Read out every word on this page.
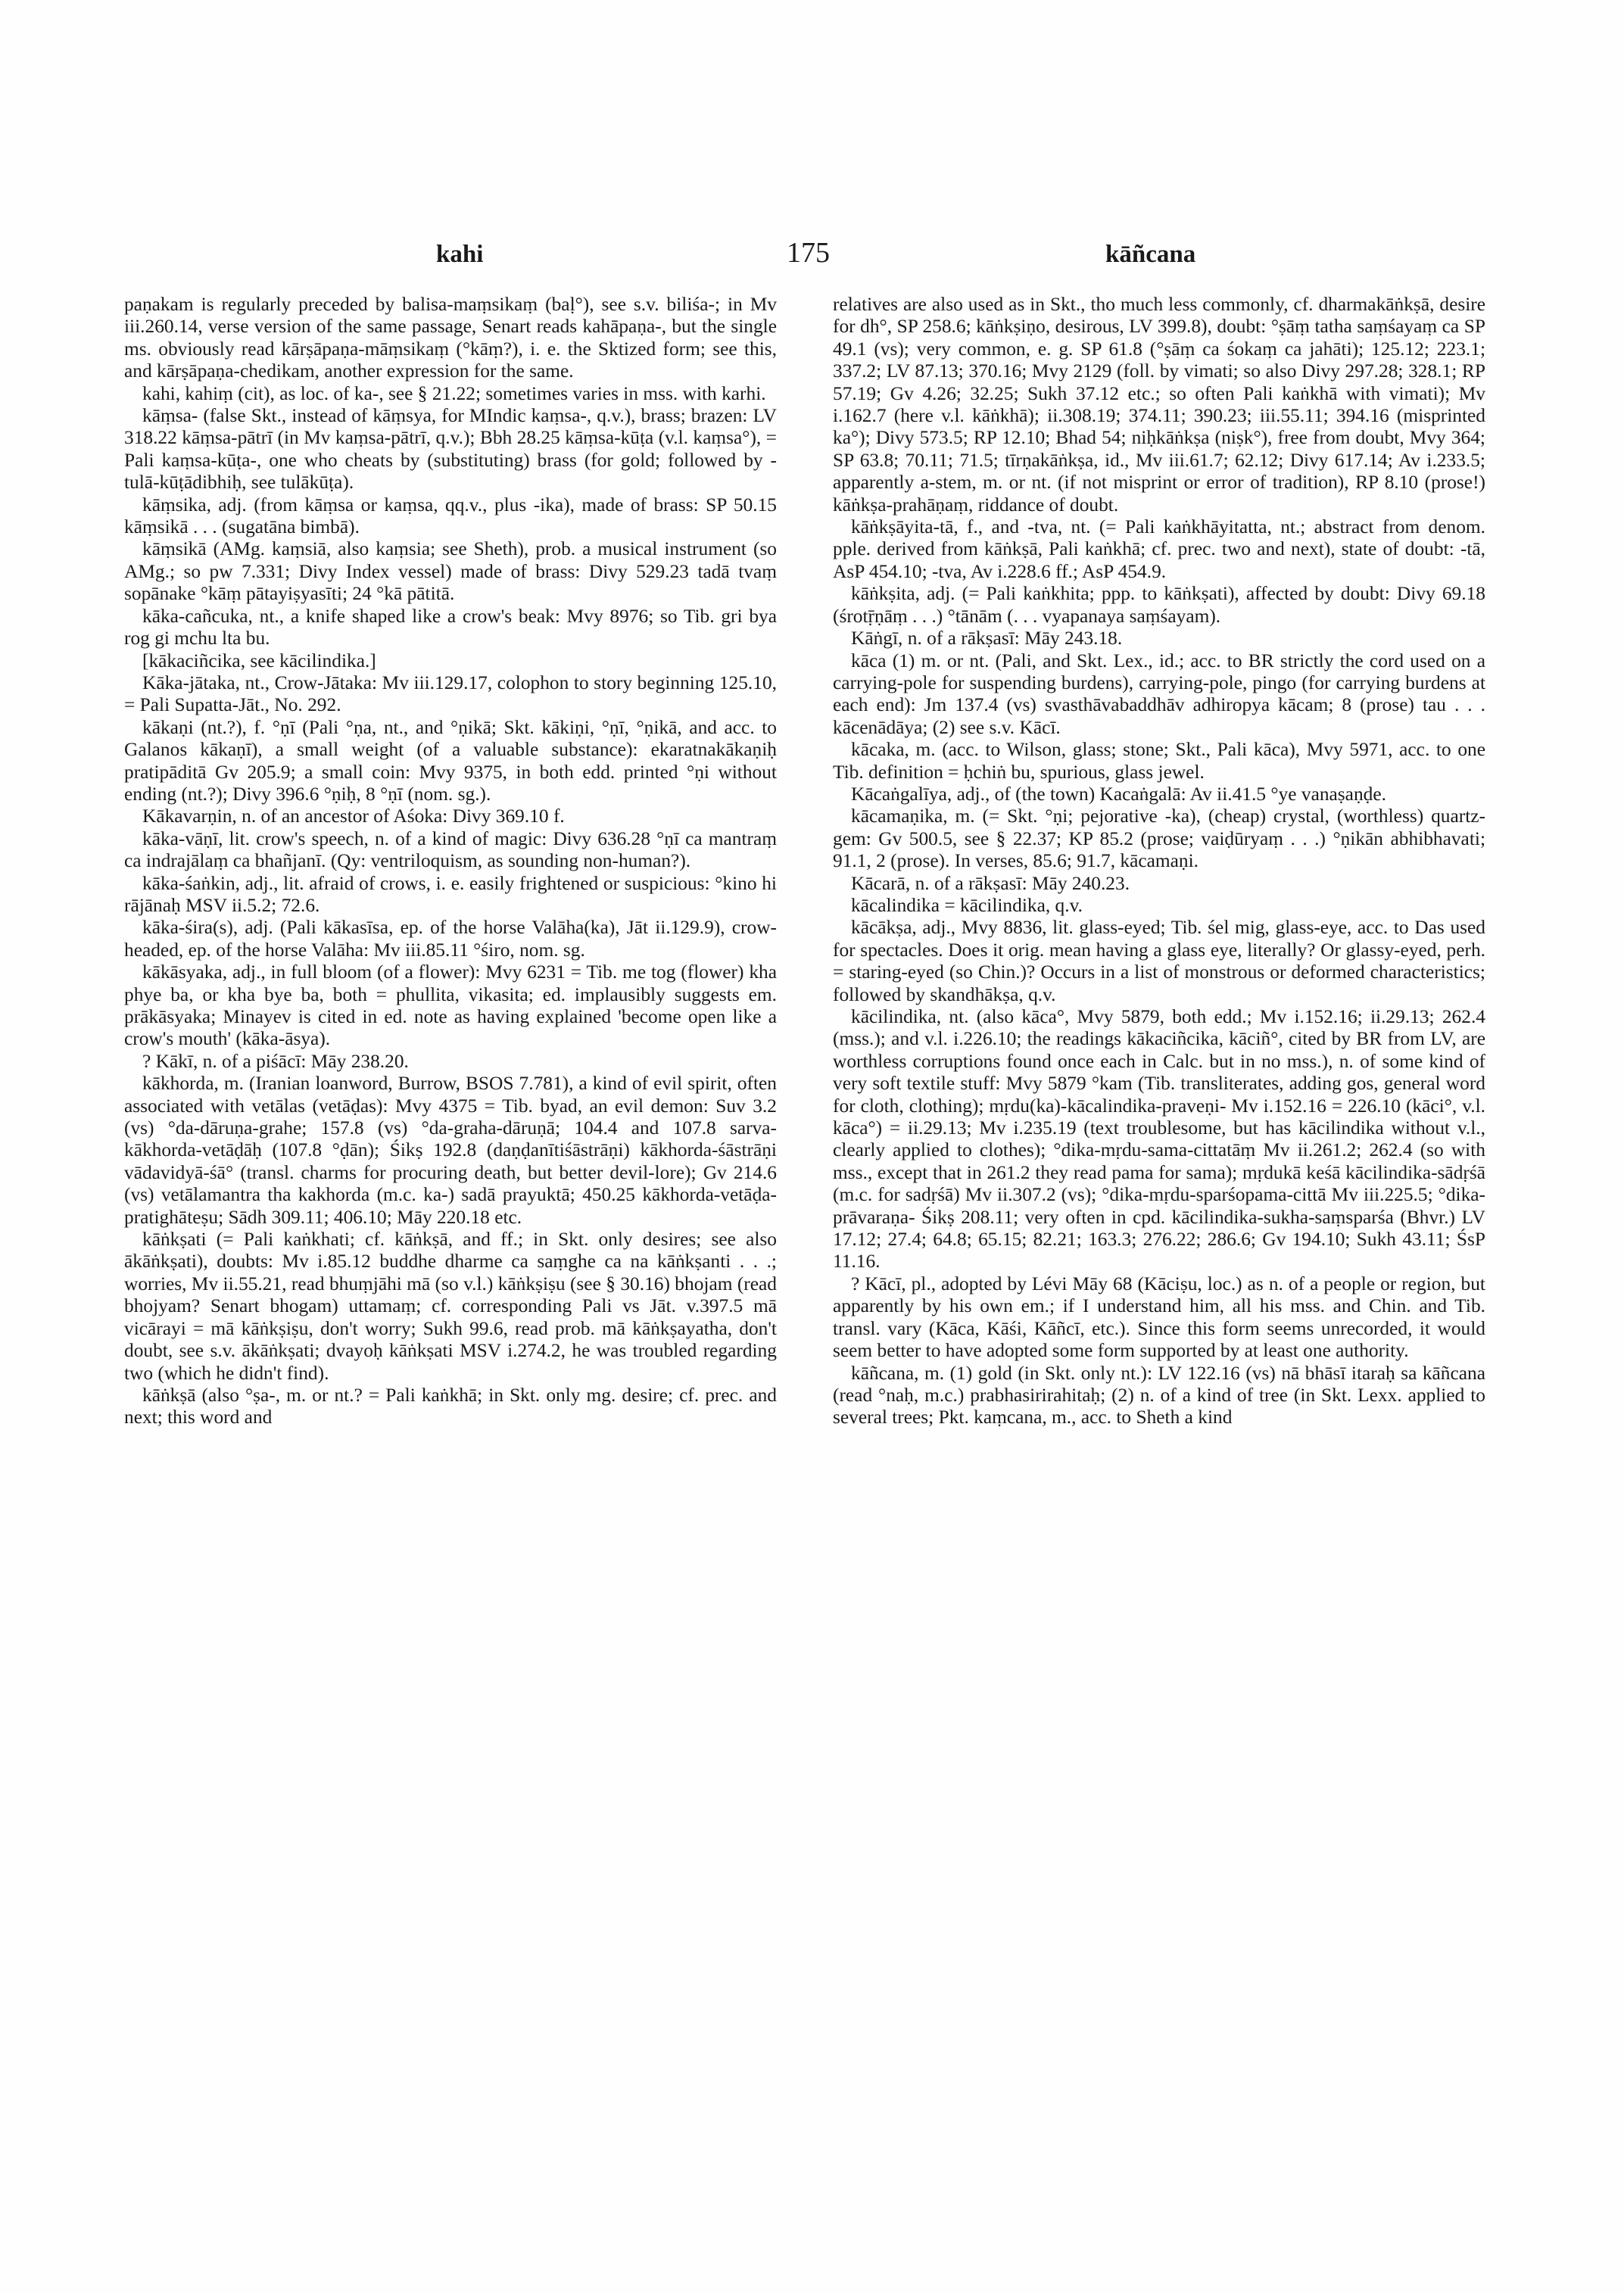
kahi	175	kāñcana

paṇakam is regularly preceded by balisa-maṃsikaṃ (baḷ°), see s.v. biliśa-; in Mv iii.260.14, verse version of the same passage, Senart reads kahāpaṇa-, but the single ms. obviously read kārṣāpaṇa-māṃsikaṃ (°kāṃ?), i. e. the Sktized form; see this, and kārṣāpaṇa-chedikam, another expression for the same.

kahi, kahiṃ (cit), as loc. of ka-, see § 21.22; sometimes varies in mss. with karhi.

kāṃsa- (false Skt., instead of kāṃsya, for MIndic kaṃsa-, q.v.), brass; brazen: LV 318.22 kāṃsa-pātrī (in Mv kaṃsa-pātrī, q.v.); Bbh 28.25 kāṃsa-kūṭa (v.l. kaṃsa°), = Pali kaṃsa-kūṭa-, one who cheats by (substituting) brass (for gold; followed by -tulā-kūṭādibhiḥ, see tulākūṭa).

kāṃsika, adj. (from kāṃsa or kaṃsa, qq.v., plus -ika), made of brass: SP 50.15 kāṃsikā . . . (sugatāna bimbā).

kāṃsikā (AMg. kaṃsiā, also kaṃsia; see Sheth), prob. a musical instrument (so AMg.; so pw 7.331; Divy Index vessel) made of brass: Divy 529.23 tadā tvaṃ sopānake °kāṃ pātayiṣyasīti; 24 °kā pātitā.

kāka-cañcuka, nt., a knife shaped like a crow's beak: Mvy 8976; so Tib. gri bya rog gi mchu lta bu.

[kākaciñcika, see kācilindika.]

Kāka-jātaka, nt., Crow-Jātaka: Mv iii.129.17, colophon to story beginning 125.10, = Pali Supatta-Jāt., No. 292.

kākaṇi (nt.?), f. °ṇī (Pali °ṇa, nt., and °ṇikā; Skt. kākiṇi, °ṇī, °ṇikā, and acc. to Galanos kākaṇī), a small weight (of a valuable substance): ekaratnakākaṇiḥ pratipāditā Gv 205.9; a small coin: Mvy 9375, in both edd. printed °ṇi without ending (nt.?); Divy 396.6 °ṇiḥ, 8 °ṇī (nom. sg.).

Kākavarṇin, n. of an ancestor of Aśoka: Divy 369.10 f.

kāka-vāṇī, lit. crow's speech, n. of a kind of magic: Divy 636.28 °ṇī ca mantraṃ ca indrajālaṃ ca bhañjanī. (Qy: ventriloquism, as sounding non-human?).

kāka-śaṅkin, adj., lit. afraid of crows, i. e. easily frightened or suspicious: °kino hi rājānaḥ MSV ii.5.2; 72.6.

kāka-śira(s), adj. (Pali kākasīsa, ep. of the horse Valāha(ka), Jāt ii.129.9), crow-headed, ep. of the horse Valāha: Mv iii.85.11 °śiro, nom. sg.

kākāsyaka, adj., in full bloom (of a flower): Mvy 6231 = Tib. me tog (flower) kha phye ba, or kha bye ba, both = phullita, vikasita; ed. implausibly suggests em. prākāsyaka; Minayev is cited in ed. note as having explained 'become open like a crow's mouth' (kāka-āsya).

? Kākī, n. of a piśācī: Māy 238.20.

kākhorda, m. (Iranian loanword, Burrow, BSOS 7.781), a kind of evil spirit, often associated with vetālas (vetāḍas): Mvy 4375 = Tib. byad, an evil demon: Suv 3.2 (vs) °da-dāruṇa-grahe; 157.8 (vs) °da-graha-dāruṇā; 104.4 and 107.8 sarva-kākhorda-vetāḍāḥ (107.8 °ḍān); Śikṣ 192.8 (daṇḍanītiśāstrāṇi) kākhorda-śāstrāṇi vādavidyā-śā° (transl. charms for procuring death, but better devil-lore); Gv 214.6 (vs) vetālamantra tha kakhorda (m.c. ka-) sadā prayuktā; 450.25 kākhorda-vetāḍa-pratighāteṣu; Sādh 309.11; 406.10; Māy 220.18 etc.

kāṅkṣati (= Pali kaṅkhati; cf. kāṅkṣā, and ff.; in Skt. only desires; see also ākāṅkṣati), doubts: Mv i.85.12 buddhe dharme ca saṃghe ca na kāṅkṣanti . . .; worries, Mv ii.55.21, read bhuṃjāhi mā (so v.l.) kāṅkṣiṣu (see § 30.16) bhojam (read bhojyam? Senart bhogam) uttamaṃ; cf. corresponding Pali vs Jāt. v.397.5 mā vicārayi = mā kāṅkṣiṣu, don't worry; Sukh 99.6, read prob. mā kāṅkṣayatha, don't doubt, see s.v. ākāṅkṣati; dvayoḥ kāṅkṣati MSV i.274.2, he was troubled regarding two (which he didn't find).

kāṅkṣā (also °ṣa-, m. or nt.? = Pali kaṅkhā; in Skt. only mg. desire; cf. prec. and next; this word and

relatives are also used as in Skt., tho much less commonly, cf. dharmakāṅkṣā, desire for dh°, SP 258.6; kāṅkṣiṇo, desirous, LV 399.8), doubt: °ṣāṃ tatha saṃśayaṃ ca SP 49.1 (vs); very common, e. g. SP 61.8 (°ṣāṃ ca śokaṃ ca jahāti); 125.12; 223.1; 337.2; LV 87.13; 370.16; Mvy 2129 (foll. by vimati; so also Divy 297.28; 328.1; RP 57.19; Gv 4.26; 32.25; Sukh 37.12 etc.; so often Pali kaṅkhā with vimati); Mv i.162.7 (here v.l. kāṅkhā); ii.308.19; 374.11; 390.23; iii.55.11; 394.16 (misprinted ka°); Divy 573.5; RP 12.10; Bhad 54; niḥkāṅkṣa (niṣk°), free from doubt, Mvy 364; SP 63.8; 70.11; 71.5; tīrṇakāṅkṣa, id., Mv iii.61.7; 62.12; Divy 617.14; Av i.233.5; apparently a-stem, m. or nt. (if not misprint or error of tradition), RP 8.10 (prose!) kāṅkṣa-prahāṇaṃ, riddance of doubt.

kāṅkṣāyita-tā, f., and -tva, nt. (= Pali kaṅkhāyitatta, nt.; abstract from denom. pple. derived from kāṅkṣā, Pali kaṅkhā; cf. prec. two and next), state of doubt: -tā, AsP 454.10; -tva, Av i.228.6 ff.; AsP 454.9.

kāṅkṣita, adj. (= Pali kaṅkhita; ppp. to kāṅkṣati), affected by doubt: Divy 69.18 (śrotṝṇāṃ . . .) °tānām (. . . vyapanaya saṃśayam).

Kāṅgī, n. of a rākṣasī: Māy 243.18.

kāca (1) m. or nt. (Pali, and Skt. Lex., id.; acc. to BR strictly the cord used on a carrying-pole for suspending burdens), carrying-pole, pingo (for carrying burdens at each end): Jm 137.4 (vs) svasthāvabaddhāv adhiropya kācam; 8 (prose) tau . . . kācenādāya; (2) see s.v. Kācī.

kācaka, m. (acc. to Wilson, glass; stone; Skt., Pali kāca), Mvy 5971, acc. to one Tib. definition = ḥchiṅ bu, spurious, glass jewel.

Kācaṅgalīya, adj., of (the town) Kacaṅgalā: Av ii.41.5 °ye vanaṣaṇḍe.

kācamaṇika, m. (= Skt. °ṇi; pejorative -ka), (cheap) crystal, (worthless) quartz-gem: Gv 500.5, see § 22.37; KP 85.2 (prose; vaiḍūryaṃ . . .) °ṇikān abhibhavati; 91.1, 2 (prose). In verses, 85.6; 91.7, kācamaṇi.

Kācarā, n. of a rākṣasī: Māy 240.23.

kācalindika = kācilindika, q.v.

kācākṣa, adj., Mvy 8836, lit. glass-eyed; Tib. śel mig, glass-eye, acc. to Das used for spectacles. Does it orig. mean having a glass eye, literally? Or glassy-eyed, perh. = staring-eyed (so Chin.)? Occurs in a list of monstrous or deformed characteristics; followed by skandhākṣa, q.v.

kācilindika, nt. (also kāca°, Mvy 5879, both edd.; Mv i.152.16; ii.29.13; 262.4 (mss.); and v.l. i.226.10; the readings kākaciñcika, kāciñ°, cited by BR from LV, are worthless corruptions found once each in Calc. but in no mss.), n. of some kind of very soft textile stuff: Mvy 5879 °kam (Tib. transliterates, adding gos, general word for cloth, clothing); mṛdu(ka)-kācalindika-praveṇi- Mv i.152.16 = 226.10 (kāci°, v.l. kāca°) = ii.29.13; Mv i.235.19 (text troublesome, but has kācilindika without v.l., clearly applied to clothes); °dika-mṛdu-sama-cittatāṃ Mv ii.261.2; 262.4 (so with mss., except that in 261.2 they read pama for sama); mṛdukā keśā kācilindika-sādṛśā (m.c. for sadṛśā) Mv ii.307.2 (vs); °dika-mṛdu-sparśopama-cittā Mv iii.225.5; °dika-prāvaraṇa- Śikṣ 208.11; very often in cpd. kācilindika-sukha-saṃsparśa (Bhvr.) LV 17.12; 27.4; 64.8; 65.15; 82.21; 163.3; 276.22; 286.6; Gv 194.10; Sukh 43.11; ŚsP 11.16.

? Kācī, pl., adopted by Lévi Māy 68 (Kāciṣu, loc.) as n. of a people or region, but apparently by his own em.; if I understand him, all his mss. and Chin. and Tib. transl. vary (Kāca, Kāśi, Kāñcī, etc.). Since this form seems unrecorded, it would seem better to have adopted some form supported by at least one authority.

kāñcana, m. (1) gold (in Skt. only nt.): LV 122.16 (vs) nā bhāsī itaraḥ sa kāñcana (read °naḥ, m.c.) prabhasirirahitaḥ; (2) n. of a kind of tree (in Skt. Lexx. applied to several trees; Pkt. kaṃcana, m., acc. to Sheth a kind
